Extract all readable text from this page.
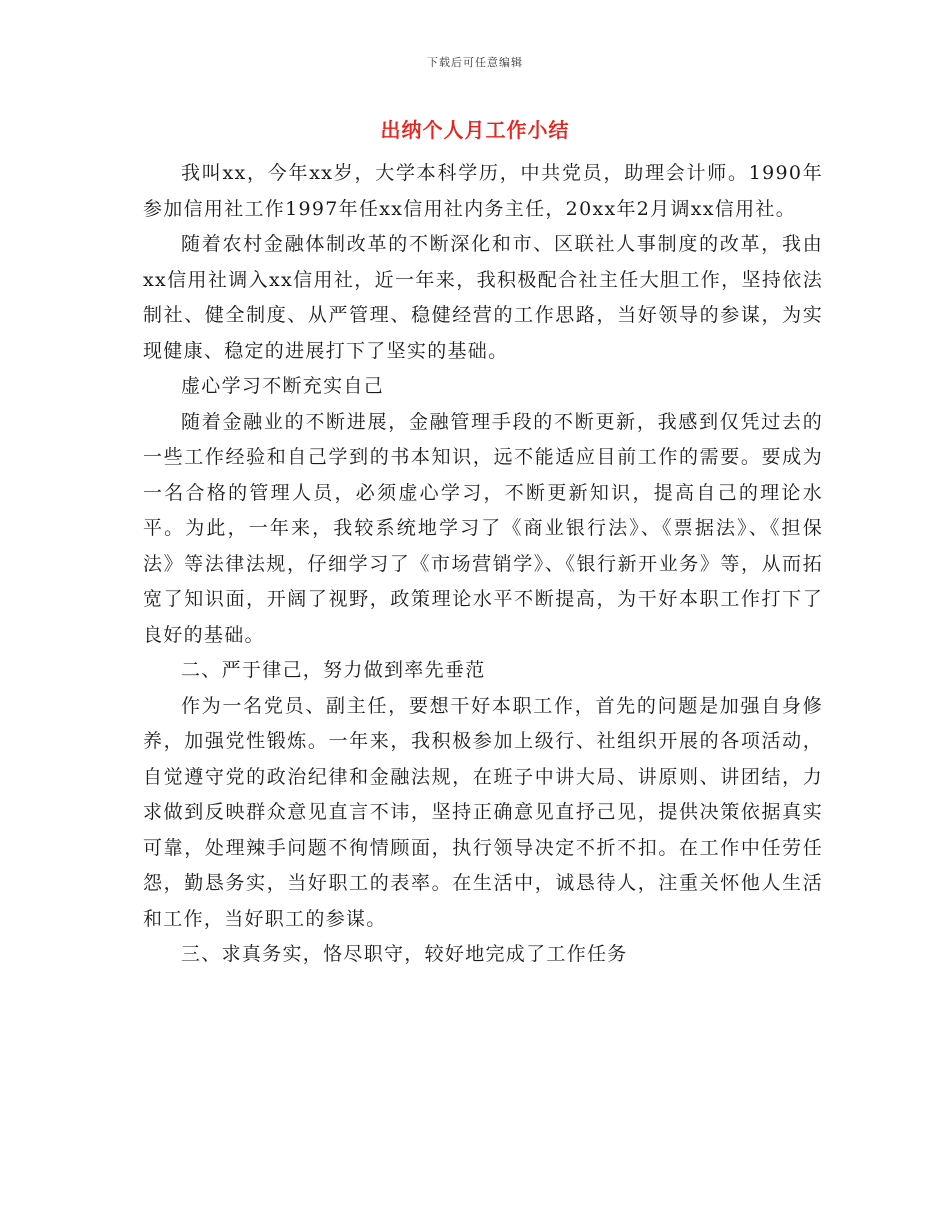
下载后可任意编辑
出纳个人月工作小结

我叫xx，今年xx岁，大学本科学历，中共党员，助理会计师。1990年参加信用社工作1997年任xx信用社内务主任，20xx年2月调xx信用社。

随着农村金融体制改革的不断深化和市、区联社人事制度的改革，我由xx信用社调入xx信用社，近一年来，我积极配合社主任大胆工作，坚持依法制社、健全制度、从严管理、稳健经营的工作思路，当好领导的参谋，为实现健康、稳定的进展打下了坚实的基础。

虚心学习不断充实自己

随着金融业的不断进展，金融管理手段的不断更新，我感到仅凭过去的一些工作经验和自己学到的书本知识，远不能适应目前工作的需要。要成为一名合格的管理人员，必须虚心学习，不断更新知识，提高自己的理论水平。为此，一年来，我较系统地学习了《商业银行法》、《票据法》、《担保法》等法律法规，仔细学习了《市场营销学》、《银行新开业务》等，从而拓宽了知识面，开阔了视野，政策理论水平不断提高，为干好本职工作打下了良好的基础。

二、严于律己，努力做到率先垂范

作为一名党员、副主任，要想干好本职工作，首先的问题是加强自身修养，加强党性锻炼。一年来，我积极参加上级行、社组织开展的各项活动，自觉遵守党的政治纪律和金融法规，在班子中讲大局、讲原则、讲团结，力求做到反映群众意见直言不讳，坚持正确意见直抒己见，提供决策依据真实可靠，处理辣手问题不徇情顾面，执行领导决定不折不扣。在工作中任劳任怨，勤恳务实，当好职工的表率。在生活中，诚恳待人，注重关怀他人生活和工作，当好职工的参谋。

三、求真务实，恪尽职守，较好地完成了工作任务
